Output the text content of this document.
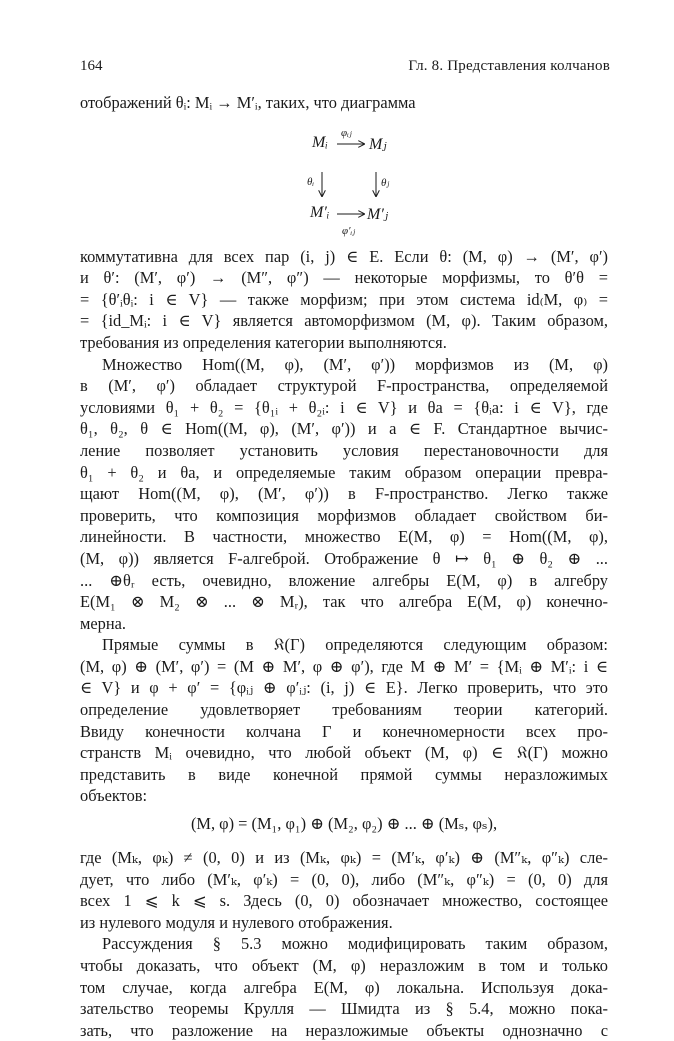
164	Гл. 8. Представления колчанов
отображений θᵢ: Mᵢ → M′ᵢ, таких, что диаграмма
φᵢⱼ
Mᵢ	Mⱼ
θᵢ	θⱼ
M′ᵢ M′ⱼ
φ′ᵢⱼ
коммутативна для всех пар (i, j) ∈ E. Если θ: (M, φ) → (M′, φ′)
и θ′: (M′, φ′) → (M″, φ″) — некоторые морфизмы, то θ′θ =
= {θ′ᵢθᵢ: i ∈ V} — также морфизм; при этом система id₍M, φ₎ =
= {id_Mᵢ: i ∈ V} является автоморфизмом (M, φ). Таким образом,
требования из определения категории выполняются.
Множество Hom((M, φ), (M′, φ′)) морфизмов из (M, φ)
в (M′, φ′) обладает структурой F-пространства, определяемой
условиями θ₁ + θ₂ = {θ₁ᵢ + θ₂ᵢ: i ∈ V} и θa = {θᵢa: i ∈ V}, где
θ₁, θ₂, θ ∈ Hom((M, φ), (M′, φ′)) и a ∈ F. Стандартное вычис-
ление позволяет установить условия перестановочности для
θ₁ + θ₂ и θa, и определяемые таким образом операции превра-
щают Hom((M, φ), (M′, φ′)) в F-пространство. Легко также
проверить, что композиция морфизмов обладает свойством би-
линейности. В частности, множество E(M, φ) = Hom((M, φ),
(M, φ)) является F-алгеброй. Отображение θ ↦ θ₁ ⊕ θ₂ ⊕ ...
... ⊕θᵣ есть, очевидно, вложение алгебры E(M, φ) в алгебру
E(M₁ ⊗ M₂ ⊗ ... ⊗ Mᵣ), так что алгебра E(M, φ) конечно-
мерна.
Прямые суммы в 𝔎(Γ) определяются следующим образом:
(M, φ) ⊕ (M′, φ′) = (M ⊕ M′, φ ⊕ φ′), где M ⊕ M′ = {Mᵢ ⊕ M′ᵢ: i ∈
∈ V} и φ + φ′ = {φᵢⱼ ⊕ φ′ᵢⱼ: (i, j) ∈ E}. Легко проверить, что это
определение удовлетворяет требованиям теории категорий.
Ввиду конечности колчана Γ и конечномерности всех про-
странств Mᵢ очевидно, что любой объект (M, φ) ∈ 𝔎(Γ) можно
представить в виде конечной прямой суммы неразложимых
объектов:
(M, φ) = (M₁, φ₁) ⊕ (M₂, φ₂) ⊕ ... ⊕ (Mₛ, φₛ),
где (Mₖ, φₖ) ≠ (0, 0) и из (Mₖ, φₖ) = (M′ₖ, φ′ₖ) ⊕ (M″ₖ, φ″ₖ) сле-
дует, что либо (M′ₖ, φ′ₖ) = (0, 0), либо (M″ₖ, φ″ₖ) = (0, 0) для
всех 1 ⩽ k ⩽ s. Здесь (0, 0) обозначает множество, состоящее
из нулевого модуля и нулевого отображения.
Рассуждения § 5.3 можно модифицировать таким образом,
чтобы доказать, что объект (M, φ) неразложим в том и только
том случае, когда алгебра E(M, φ) локальна. Используя дока-
зательство теоремы Крулля — Шмидта из § 5.4, можно пока-
зать, что разложение на неразложимые объекты однозначно с
